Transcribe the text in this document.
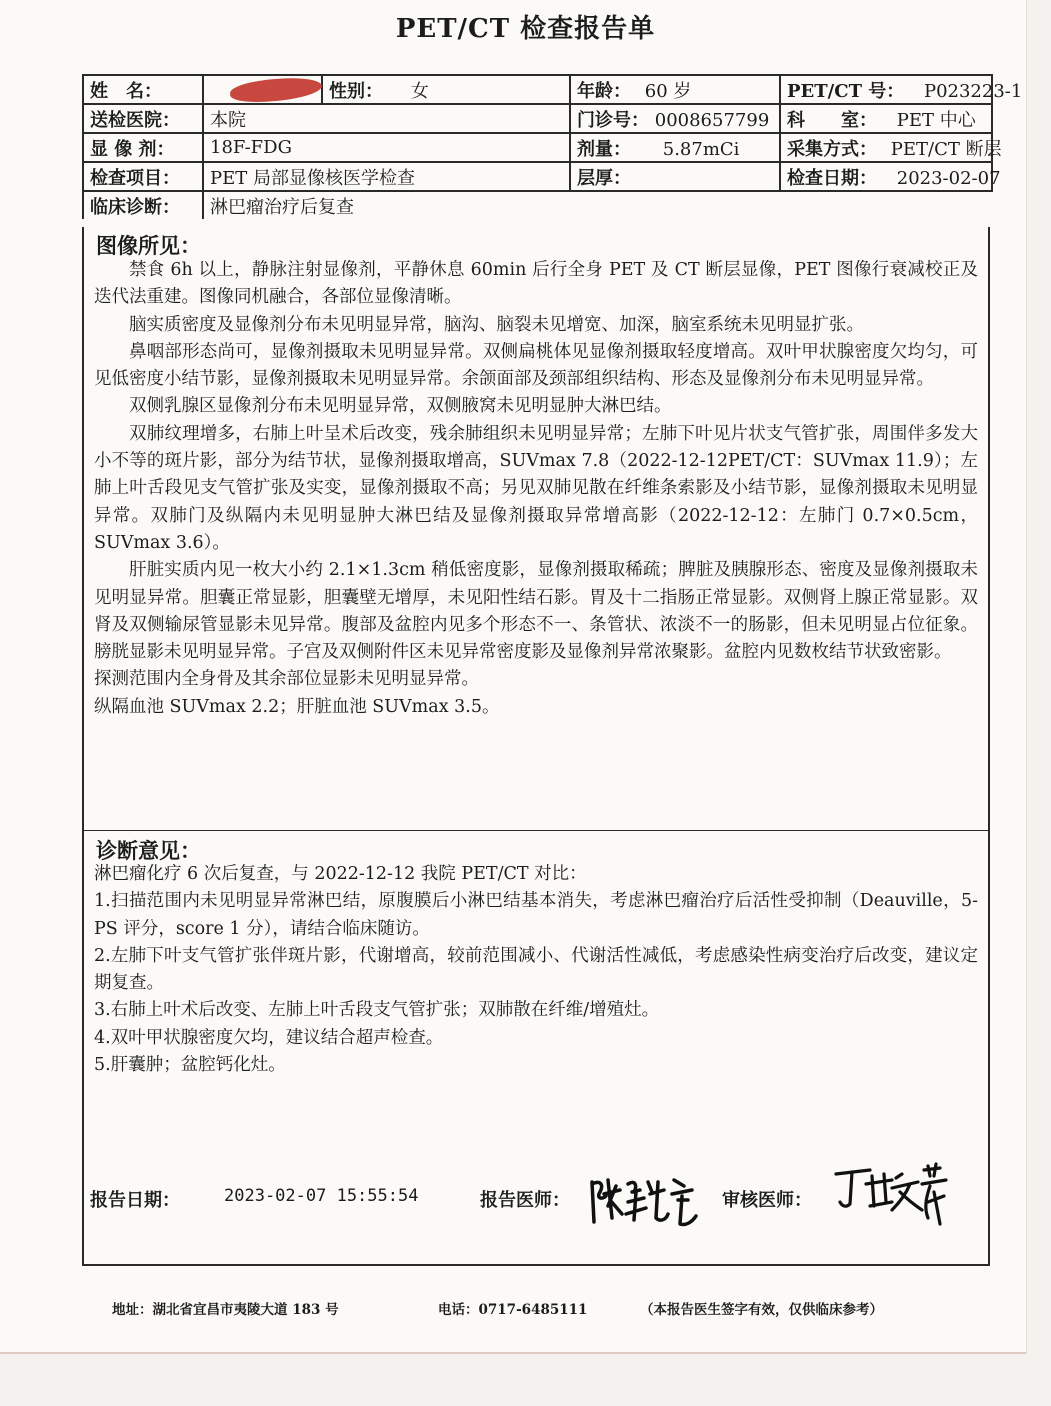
PET/CT 检查报告单
姓　名：		性别： 女	年龄： 60 岁	PET/CT 号： P023223-1
送检医院：	本院		门诊号： 0008657799	科　　室： PET 中心
显 像 剂：	18F-FDG		剂量： 5.87mCi	采集方式： PET/CT 断层
检查项目：	PET 局部显像核医学检查		层厚：	检查日期： 2023-02-07
临床诊断：	淋巴瘤治疗后复查			
图像所见：

禁食 6h 以上，静脉注射显像剂，平静休息 60min 后行全身 PET 及 CT 断层显像，PET 图像行衰减校正及迭代法重建。图像同机融合，各部位显像清晰。

脑实质密度及显像剂分布未见明显异常，脑沟、脑裂未见增宽、加深，脑室系统未见明显扩张。

鼻咽部形态尚可，显像剂摄取未见明显异常。双侧扁桃体见显像剂摄取轻度增高。双叶甲状腺密度欠均匀，可见低密度小结节影，显像剂摄取未见明显异常。余颌面部及颈部组织结构、形态及显像剂分布未见明显异常。

双侧乳腺区显像剂分布未见明显异常，双侧腋窝未见明显肿大淋巴结。

双肺纹理增多，右肺上叶呈术后改变，残余肺组织未见明显异常；左肺下叶见片状支气管扩张，周围伴多发大小不等的斑片影，部分为结节状，显像剂摄取增高，SUVmax 7.8（2022-12-12PET/CT：SUVmax 11.9）；左肺上叶舌段见支气管扩张及实变，显像剂摄取不高；另见双肺见散在纤维条索影及小结节影，显像剂摄取未见明显异常。双肺门及纵隔内未见明显肿大淋巴结及显像剂摄取异常增高影（2022-12-12：左肺门 0.7×0.5cm，SUVmax 3.6）。

肝脏实质内见一枚大小约 2.1×1.3cm 稍低密度影，显像剂摄取稀疏；脾脏及胰腺形态、密度及显像剂摄取未见明显异常。胆囊正常显影，胆囊壁无增厚，未见阳性结石影。胃及十二指肠正常显影。双侧肾上腺正常显影。双肾及双侧输尿管显影未见异常。腹部及盆腔内见多个形态不一、条管状、浓淡不一的肠影，但未见明显占位征象。膀胱显影未见明显异常。子宫及双侧附件区未见异常密度影及显像剂异常浓聚影。盆腔内见数枚结节状致密影。

探测范围内全身骨及其余部位显影未见明显异常。

纵隔血池 SUVmax 2.2；肝脏血池 SUVmax 3.5。

诊断意见：

淋巴瘤化疗 6 次后复查，与 2022-12-12 我院 PET/CT 对比：

1.扫描范围内未见明显异常淋巴结，原腹膜后小淋巴结基本消失，考虑淋巴瘤治疗后活性受抑制（Deauville，5-PS 评分，score 1 分），请结合临床随访。

2.左肺下叶支气管扩张伴斑片影，代谢增高，较前范围减小、代谢活性减低，考虑感染性病变治疗后改变，建议定期复查。

3.右肺上叶术后改变、左肺上叶舌段支气管扩张；双肺散在纤维/增殖灶。

4.双叶甲状腺密度欠均，建议结合超声检查。

5.肝囊肿；盆腔钙化灶。

报告日期：	2023-02-07 15:55:54	报告医师：	审核医师：
地址：湖北省宜昌市夷陵大道 183 号	电话：0717-6485111	（本报告医生签字有效，仅供临床参考）
